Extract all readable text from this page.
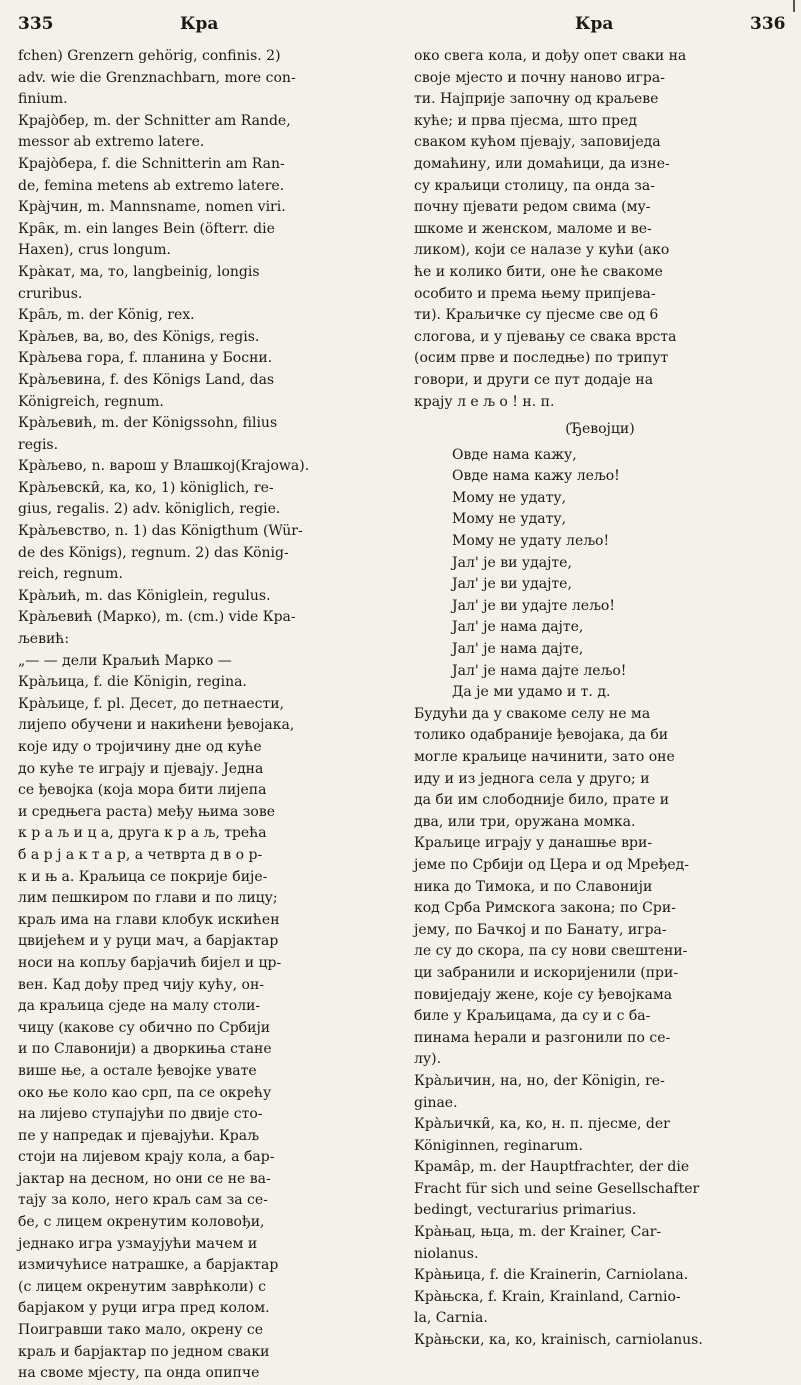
335	Кра	Кра	336
fchen) Grenzern gehörig, confinis. 2)
adv. wie die Grenznachbarn, more con-
finium.
Крајо̀бер, m. der Schnitter am Rande,
messor ab extremo latere.
Крајо̀бера, f. die Schnitterin am Ran-
de, femina metens ab extremo latere.
Кра̀јчин, m. Mannsname, nomen viri.
Кра̑к, m. ein langes Bein (öfterr. die
Haxen), crus longum.
Кра̀кат, ма, то, langbeinig, longis
cruribus.
Кра̑љ, m. der König, rex.
Кра̀љев, ва, во, des Königs, regis.
Кра̀љева гора, f. планина у Босни.
Кра̀љевина, f. des Königs Land, das
Königreich, regnum.
Кра̀љевић, m. der Königssohn, filius
regis.
Кра̀љево, n. варош у Влашкој(Krajowa).
Кра̀љевски̑, ка, ко, 1) königlich, re-
gius, regalis. 2) adv. königlich, regie.
Кра̀љевство, n. 1) das Königthum (Wür-
de des Königs), regnum. 2) das König-
reich, regnum.
Кра̀љић, m. das Königlein, regulus.
Кра̀љевић (Марко), m. (cm.) vide Кра-
љевић:
„— — дели Краљић Марко —
Кра̀љица, f. die Königin, regina.
Кра̀љице, f. pl. Десет, до петнаести,
лијепо обучени и накићени ђевојака,
које иду о тројичину дне од куће
до куће те играју и пјевају. Једна
се ђевојка (која мора бити лијепа
и средњега раста) међу њима зове
к р а љ и ц а, друга к р а љ, трећа
б а р ј а к т а р, а четврта д в о р-
к и њ а. Краљица се покрије бије-
лим пешкиром по глави и по лицу;
краљ има на глави клобук искићен
цвијећем и у руци мач, а барјактар
носи на копљу барјачић бијел и цр-
вен. Кад дођу пред чију кућу, он-
да краљица сједе на малу столи-
чицу (какове су обично по Србији
и по Славонији) а дворкиња стане
више ње, а остале ђевојке увате
око ње коло као срп, па се окрећу
на лијево ступајући по двије сто-
пе у напредак и пјевајући. Краљ
стоји на лијевом крају кола, а бар-
јактар на десном, но они се не ва-
тају за коло, него краљ сам за се-
бе, с лицем окренутим коловођи,
једнако игра узмаујући мачем и
измичућисе натрашке, а барјактар
(с лицем окренутим заврћколи) с
барјаком у руци игра пред колом.
Поигравши тако мало, окрену се
краљ и барјактар по једном сваки
на своме мјесту, па онда опипче
око свега кола, и дођу опет сваки на
своје мјесто и почну наново игра-
ти. Најприје започну од краљеве
куће; и прва пјесма, што пред
сваком кућом пјевају, заповиједа
домаћину, или домаћици, да изне-
су краљици столицу, па онда за-
почну пјевати редом свима (му-
шкоме и женском, маломе и ве-
ликом), који се налазе у кући (ако
ће и колико бити, оне ће свакоме
особито и према њему припјева-
ти). Краљичке су пјесме све од 6
слогова, и у пјевању се свака врста
(осим прве и последње) по трипут
говори, и други се пут додаје на
крају л е љ о ! н. п.
(Ђевојци)
Овде нама кажу,
Овде нама кажу лељо!
Мому не удату,
Мому не удату,
Мому не удату лељо!
Јал' је ви удајте,
Јал' је ви удајте,
Јал' је ви удајте лељо!
Јал' је нама дајте,
Јал' је нама дајте,
Јал' је нама дајте лељо!
Да је ми удамо и т. д.
Будући да у свакоме селу не ма
толико одабраније ђевојака, да би
могле краљице начинити, зато оне
иду и из једнога села у друго; и
да би им слободније било, прате и
два, или три, оружана момка.
Краљице играју у данашње ври-
јеме по Србији од Цера и од Мређед-
ника до Тимока, и по Славонији
код Срба Римскога закона; по Сри-
јему, по Бачкој и по Банату, игра-
ле су до скора, па су нови свештени-
ци забранили и искоријенили (при-
повиједају жене, које су ђевојкама
биле у Краљицама, да су и с ба-
пинама ћерали и разгонили по се-
лу).
Кра̀љичин, на, но, der Königin, re-
ginae.
Кра̀љички̑, ка, ко, н. п. пјесме, der
Königinnen, reginarum.
Крама̑р, m. der Hauptfrachter, der die
Fracht für sich und seine Gesellschafter
bedingt, vecturarius primarius.
Кра̀њац, њца, m. der Krainer, Car-
niolanus.
Кра̀њица, f. die Krainerin, Carniolana.
Кра̀њска, f. Krain, Krainland, Carnio-
la, Carnia.
Кра̀њски, ка, ко, krainisch, carniolanus.
